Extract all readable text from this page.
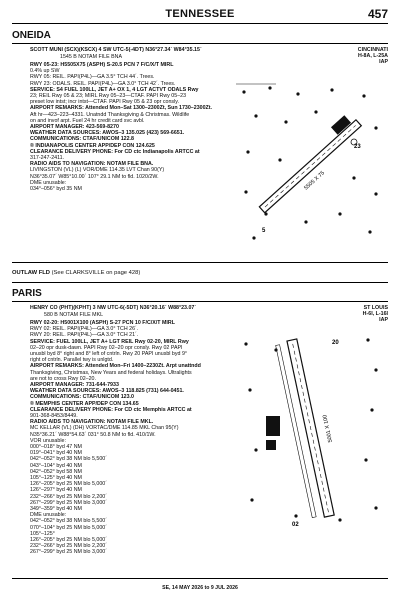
TENNESSEE	457
ONEIDA
SCOTT MUNI (SCX)(KSCX) 4 SW UTC-5(-4DT) N36°27.34´ W84°35.15´
1545 B NOTAM FILE BNA
CINCINNATI
H-8A, L-25A
IAP
RWY 05-23: H5505X75 (ASPH) S-20.5 PCN 7 F/C/X/T MIRL
0.4% up SW
RWY 05: REIL. PAPI(P4L)—GA 3.5° TCH 44´. Trees.
RWY 23: ODALS. REIL. PAPI(P4L)—GA 3.0° TCH 42´. Trees.
SERVICE: S4 FUEL 100LL, JET A+ OX 1, 4 LGT ACTVT ODALS Rwy
23; REIL Rwy 05 & 23; MIRL Rwy 05–23—CTAF. PAPI Rwy 05–23
preset low intst; incr intst—CTAF. PAPI Rwy 05 & 23 opr consly.
AIRPORT REMARKS: Attended Mon–Sat 1300–2300Zt, Sun 1730–2300Zt.
Aft hr—423–223–4331. Unatndd Thanksgiving & Christmas. Wildlife
on and invof arpt. Fuel 24 hr credit card svc avbl.
AIRPORT MANAGER: 423-569-8270
WEATHER DATA SOURCES: AWOS–3 135.025 (423) 569-6651.
COMMUNICATIONS: CTAF/UNICOM 122.8
® INDIANAPOLIS CENTER APP/DEP CON 124.625
CLEARANCE DELIVERY PHONE: For CD ctc Indianapolis ARTCC at
317-247-2411.
RADIO AIDS TO NAVIGATION: NOTAM FILE BNA.
LIVINGSTON (VL) (L) VOR/DME 114.35 LVT Chan 90(Y)
N36°35.07´ W85°10.00´ 107° 29.1 NM to fld. 1020/2W.
DME unusable:
034°–056° byd 35 NM
23
5
5505 X 75
OUTLAW FLD (See CLARKSVILLE on page 428)
PARIS
HENRY CO (PHT)(KPHT) 3 NW UTC-6(-5DT) N36°20.16´ W88°23.07´
580 B NOTAM FILE MKL
ST LOUIS
H-6I, L-16I
IAP
RWY 02-20: H5001X100 (ASPH) S-27 PCN 10 F/C/X/T MIRL
RWY 02: REIL. PAPI(P4L)—GA 3.0° TCH 26´.
RWY 20: REIL. PAPI(P4L)—GA 3.0° TCH 21´.
SERVICE: FUEL 100LL, JET A+ LGT REIL Rwy 02-20, MIRL Rwy
02–20 opr dusk-dawn. PAPI Rwy 02–20 opr consly. Rwy 02 PAPI
unusbl byd 8° right and 8° left of cntrln. Rwy 20 PAPI unusbl byd 9°
right of cntrln. Parallel twy is unlgtd.
AIRPORT REMARKS: Attended Mon–Fri 1400–2230Zt. Arpt unattndd
Thanksgiving, Christmas, New Years and federal holidays. Ultralights
are not to cross Rwy 02–20.
AIRPORT MANAGER: 731-644-7933
WEATHER DATA SOURCES: AWOS–3 118.825 (731) 644-0451.
COMMUNICATIONS: CTAF/UNICOM 123.0
® MEMPHIS CENTER APP/DEP CON 134.65
CLEARANCE DELIVERY PHONE: For CD ctc Memphis ARTCC at
901-368-8453/8449.
RADIO AIDS TO NAVIGATION: NOTAM FILE MKL.
MC KELLAR (VL) (DH) VORTAC/DME 114.85 MKL Chan 95(Y)
N35°36.21´ W88°54.63´ 031° 50.8 NM to fld. 410/1W.
VOR unusable:
000°–018° byd 47 NM
019°–041° byd 40 NM
042°–052° byd 38 NM blo 5,500´
043°–104° byd 40 NM
042°–052° byd 58 NM
105°–125° byd 40 NM
126°–205° byd 25 NM blo 5,000´
126°–297° byd 40 NM
232°–266° byd 25 NM blo 2,200´
267°–299° byd 25 NM blo 3,000´
349°–359° byd 40 NM
DME unusable:
042°–052° byd 38 NM blo 5,500´
070°–104° byd 25 NM blo 5,000´
105°–125°
126°–205° byd 25 NM blo 5,000´
232°–266° byd 25 NM blo 2,200´
267°–299° byd 25 NM blo 3,000´
20
02
5001 X 100
SE, 14 MAY 2026 to 9 JUL 2026
